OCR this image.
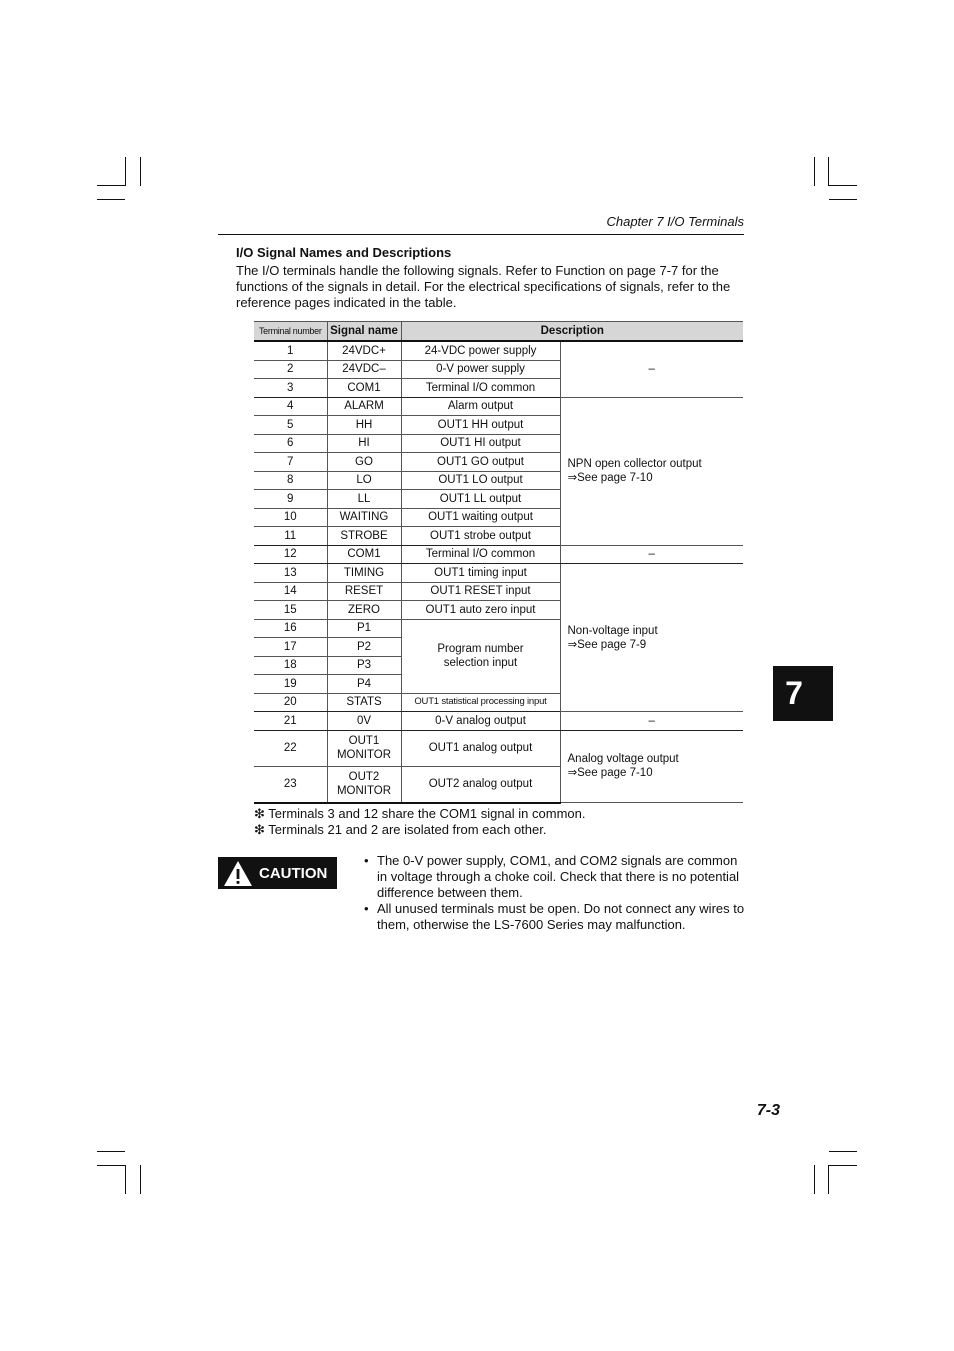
Chapter 7 I/O Terminals
I/O Signal Names and Descriptions
The I/O terminals handle the following signals. Refer to Function on page 7-7 for the functions of the signals in detail. For the electrical specifications of signals, refer to the reference pages indicated in the table.
Terminal number	Signal name	Description	
1	24VDC+	24-VDC power supply	–
2	24VDC–	0-V power supply	
3	COM1	Terminal I/O common	
4	ALARM	Alarm output	NPN open collector output
⇒See page 7-10

5	HH	OUT1 HH output	
6	HI	OUT1 HI output	
7	GO	OUT1 GO output	
8	LO	OUT1 LO output	
9	LL	OUT1 LL output	
10	WAITING	OUT1 waiting output	
11	STROBE	OUT1 strobe output	
12	COM1	Terminal I/O common	–
13	TIMING	OUT1 timing input	Non-voltage input
⇒See page 7-9

14	RESET	OUT1 RESET input	
15	ZERO	OUT1 auto zero input	
16	P1	Program number selection input	
17	P2		
18	P3		
19	P4		
20	STATS	OUT1 statistical processing input	
21	0V	0-V analog output	–
22	OUT1 MONITOR	OUT1 analog output	Analog voltage output
⇒See page 7-10

23	OUT2 MONITOR	OUT2 analog output	
❇ Terminals 3 and 12 share the COM1 signal in common.
❇ Terminals 21 and 2 are isolated from each other.
CAUTION
• The 0-V power supply, COM1, and COM2 signals are common in voltage through a choke coil. Check that there is no potential difference between them.
• All unused terminals must be open. Do not connect any wires to them, otherwise the LS-7600 Series may malfunction.
7
7-3
